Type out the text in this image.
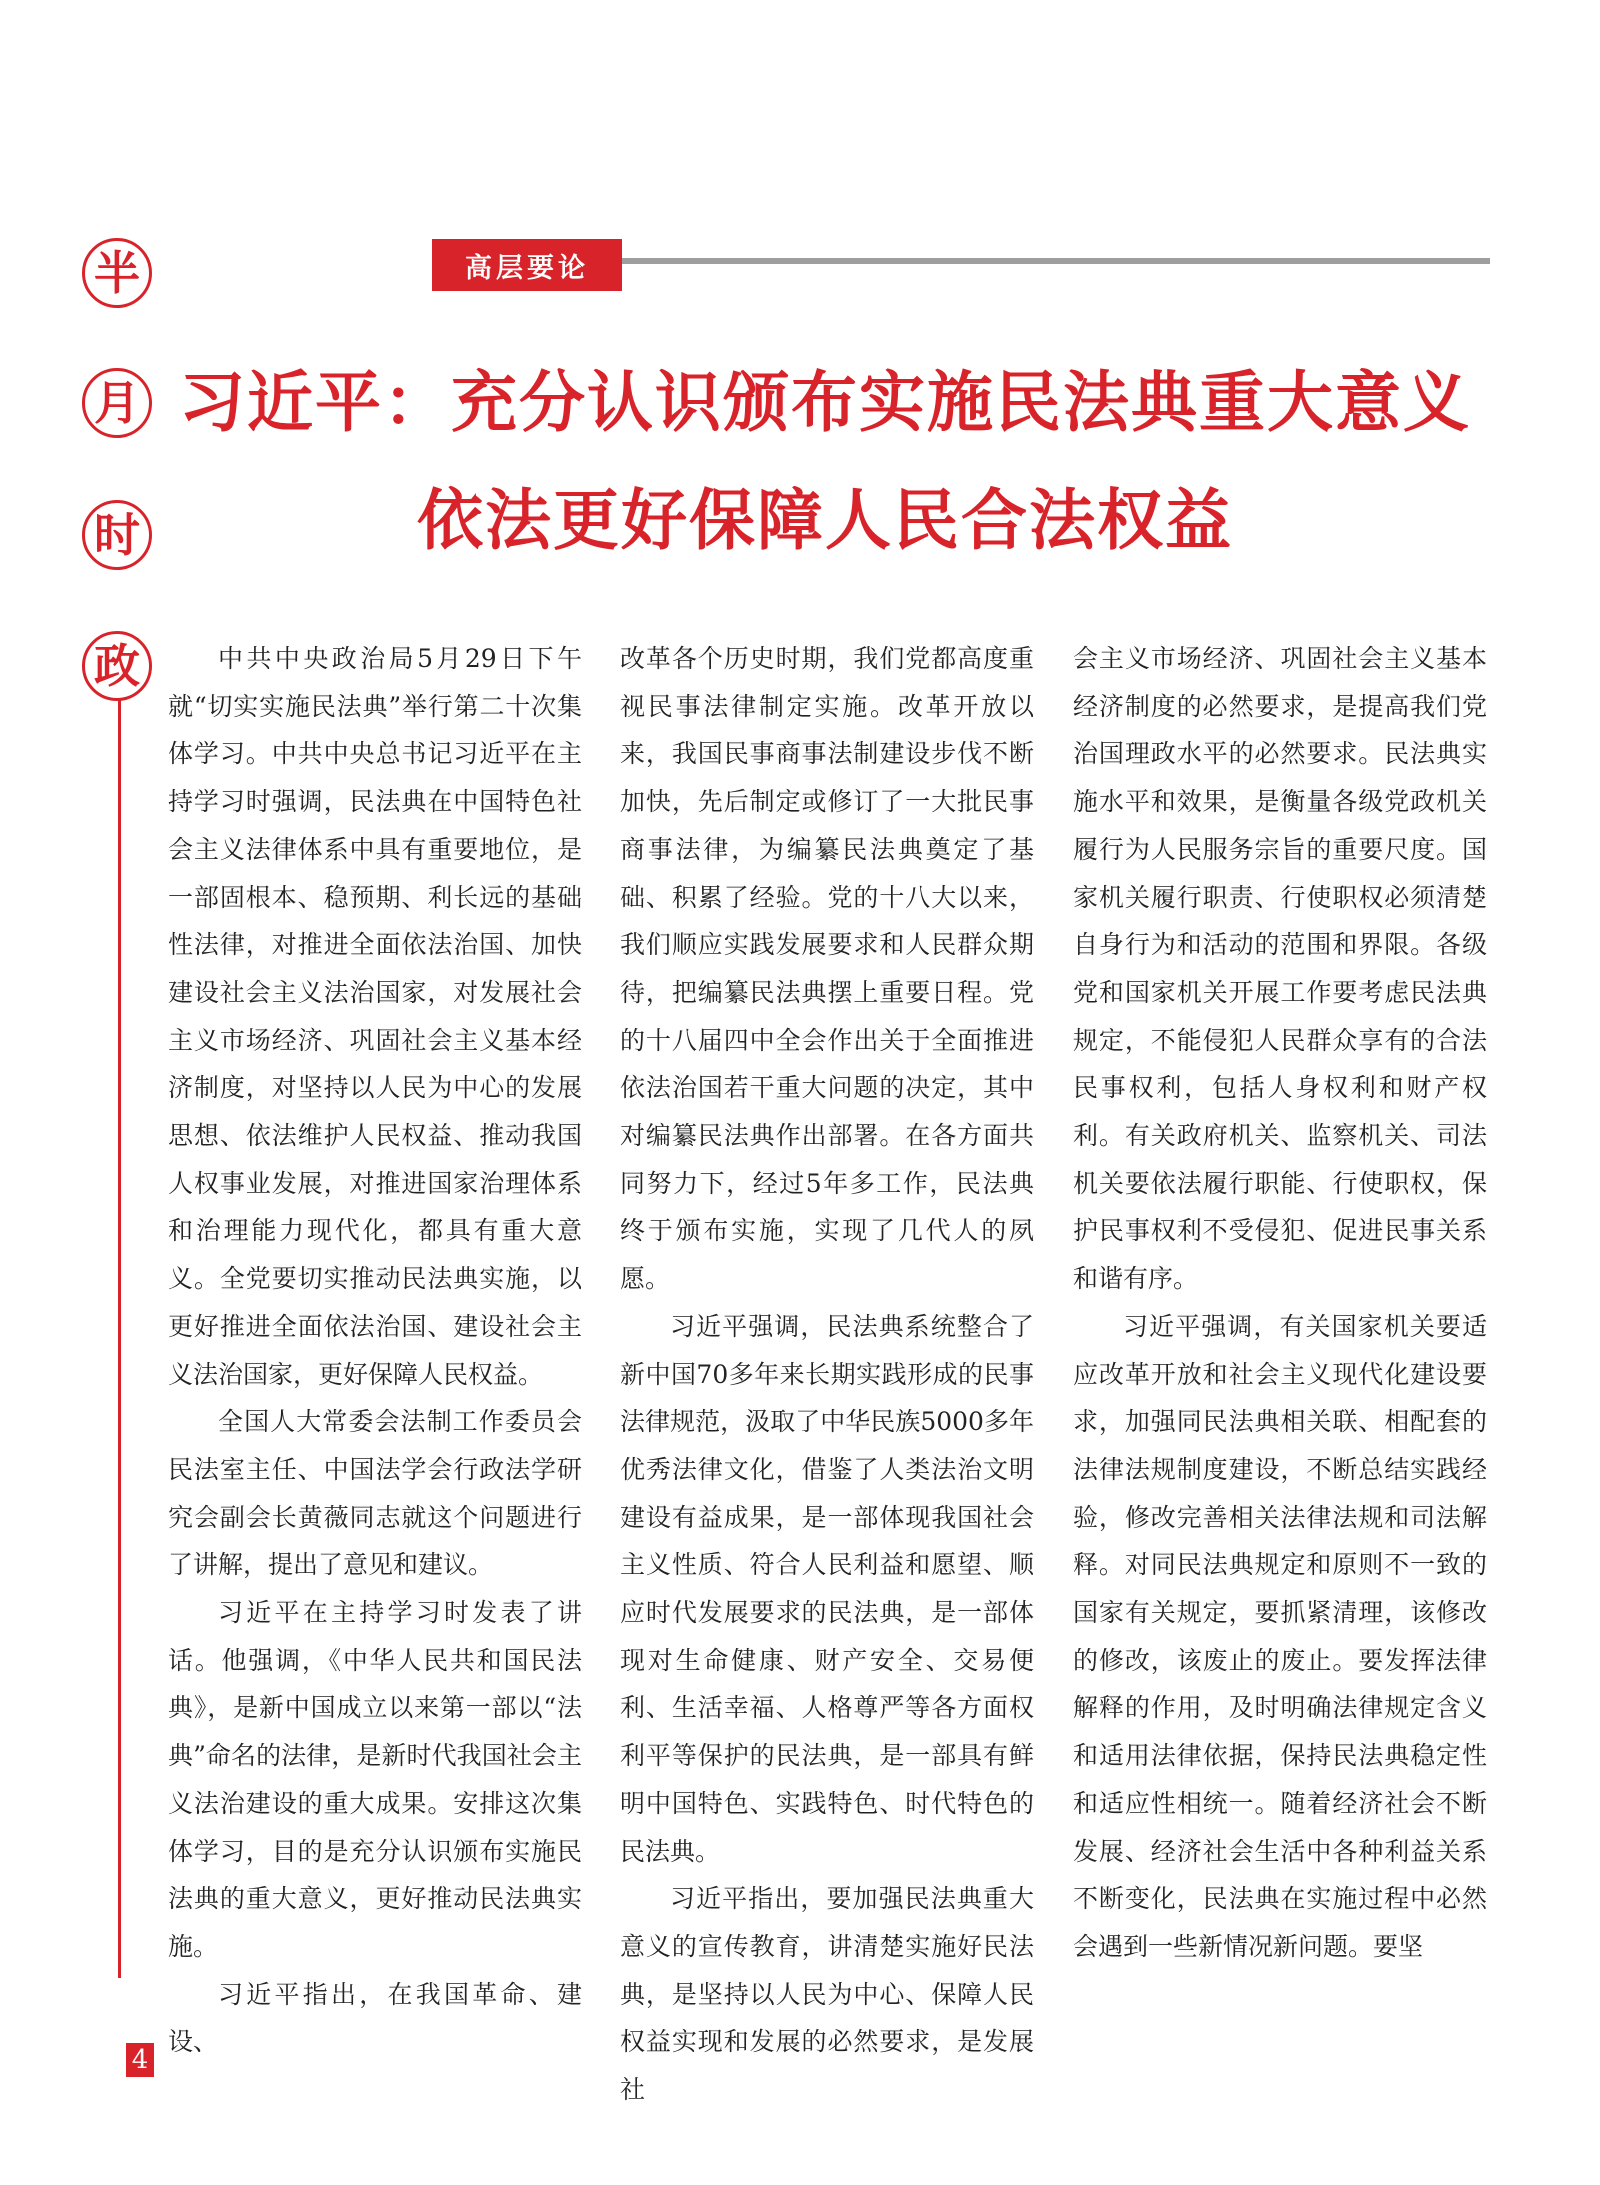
半
月
时
政
高层要论
习近平：充分认识颁布实施民法典重大意义
依法更好保障人民合法权益

中共中央政治局5月29日下午就“切实实施民法典”举行第二十次集体学习。中共中央总书记习近平在主持学习时强调，民法典在中国特色社会主义法律体系中具有重要地位，是一部固根本、稳预期、利长远的基础性法律，对推进全面依法治国、加快建设社会主义法治国家，对发展社会主义市场经济、巩固社会主义基本经济制度，对坚持以人民为中心的发展思想、依法维护人民权益、推动我国人权事业发展，对推进国家治理体系和治理能力现代化，都具有重大意义。全党要切实推动民法典实施，以更好推进全面依法治国、建设社会主义法治国家，更好保障人民权益。

全国人大常委会法制工作委员会民法室主任、中国法学会行政法学研究会副会长黄薇同志就这个问题进行了讲解，提出了意见和建议。

习近平在主持学习时发表了讲话。他强调，《中华人民共和国民法典》，是新中国成立以来第一部以“法典”命名的法律，是新时代我国社会主义法治建设的重大成果。安排这次集体学习，目的是充分认识颁布实施民法典的重大意义，更好推动民法典实施。

习近平指出，在我国革命、建设、

改革各个历史时期，我们党都高度重视民事法律制定实施。改革开放以来，我国民事商事法制建设步伐不断加快，先后制定或修订了一大批民事商事法律，为编纂民法典奠定了基础、积累了经验。党的十八大以来，我们顺应实践发展要求和人民群众期待，把编纂民法典摆上重要日程。党的十八届四中全会作出关于全面推进依法治国若干重大问题的决定，其中对编纂民法典作出部署。在各方面共同努力下，经过5年多工作，民法典终于颁布实施，实现了几代人的夙愿。

习近平强调，民法典系统整合了新中国70多年来长期实践形成的民事法律规范，汲取了中华民族5000多年优秀法律文化，借鉴了人类法治文明建设有益成果，是一部体现我国社会主义性质、符合人民利益和愿望、顺应时代发展要求的民法典，是一部体现对生命健康、财产安全、交易便利、生活幸福、人格尊严等各方面权利平等保护的民法典，是一部具有鲜明中国特色、实践特色、时代特色的民法典。

习近平指出，要加强民法典重大意义的宣传教育，讲清楚实施好民法典，是坚持以人民为中心、保障人民权益实现和发展的必然要求，是发展社

会主义市场经济、巩固社会主义基本经济制度的必然要求，是提高我们党治国理政水平的必然要求。民法典实施水平和效果，是衡量各级党政机关履行为人民服务宗旨的重要尺度。国家机关履行职责、行使职权必须清楚自身行为和活动的范围和界限。各级党和国家机关开展工作要考虑民法典规定，不能侵犯人民群众享有的合法民事权利，包括人身权利和财产权利。有关政府机关、监察机关、司法机关要依法履行职能、行使职权，保护民事权利不受侵犯、促进民事关系和谐有序。

习近平强调，有关国家机关要适应改革开放和社会主义现代化建设要求，加强同民法典相关联、相配套的法律法规制度建设，不断总结实践经验，修改完善相关法律法规和司法解释。对同民法典规定和原则不一致的国家有关规定，要抓紧清理，该修改的修改，该废止的废止。要发挥法律解释的作用，及时明确法律规定含义和适用法律依据，保持民法典稳定性和适应性相统一。随着经济社会不断发展、经济社会生活中各种利益关系不断变化，民法典在实施过程中必然会遇到一些新情况新问题。要坚

4
